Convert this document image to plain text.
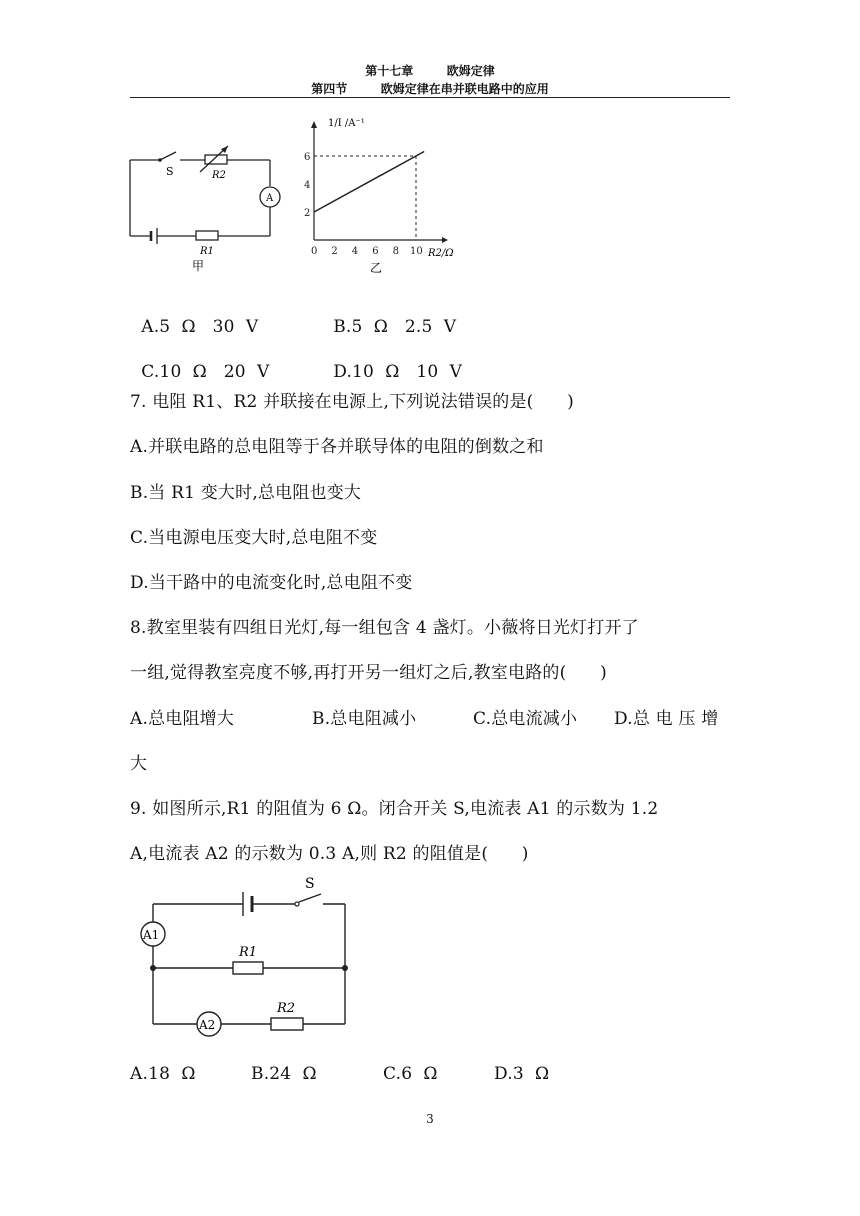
第十七章	欧姆定律
第四节	欧姆定律在串并联电路中的应用
S	R2
A
R1
甲
0 2 4 6 8 10
2
4
6
1/I /A⁻¹
R2/Ω
乙

A.5  Ω   30  V	B.5  Ω   2.5  V

C.10  Ω   20  V	D.10  Ω   10  V

7. 电阻 R1、R2 并联接在电源上,下列说法错误的是(      )
A.并联电路的总电阻等于各并联导体的电阻的倒数之和
B.当 R1 变大时,总电阻也变大
C.当电源电压变大时,总电阻不变
D.当干路中的电流变化时,总电阻不变
8.教室里装有四组日光灯,每一组包含 4 盏灯。小薇将日光灯打开了
一组,觉得教室亮度不够,再打开另一组灯之后,教室电路的(      )
A.总电阻增大	B.总电阻减小	C.总电流减小 D.总 电 压 增
大
9. 如图所示,R1 的阻值为 6 Ω。闭合开关 S,电流表 A1 的示数为 1.2
A,电流表 A2 的示数为 0.3 A,则 R2 的阻值是(      )
S
A1
A2
R1
R2
A.18  Ω	B.24  Ω	C.6  Ω	D.3  Ω
3
